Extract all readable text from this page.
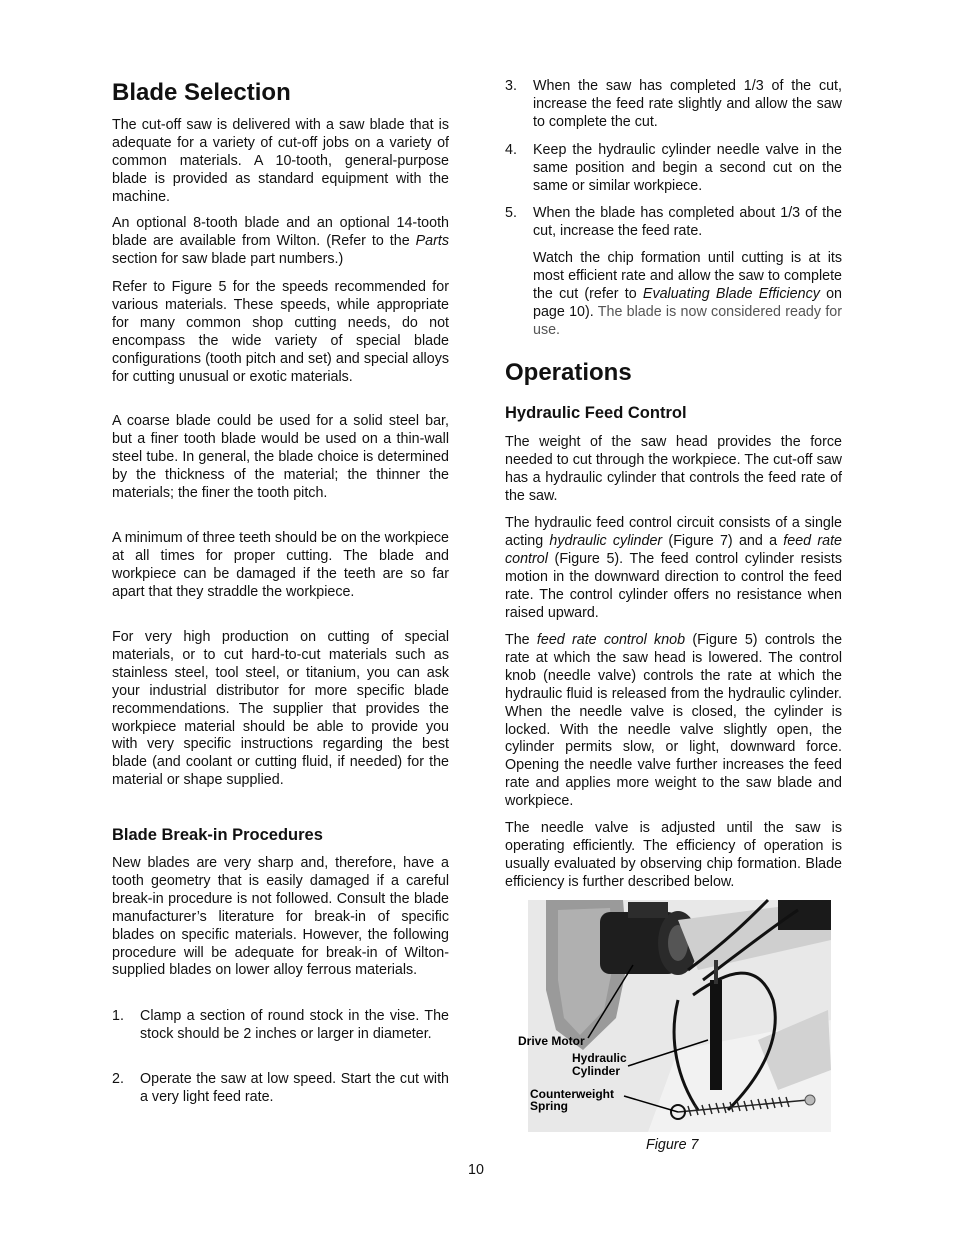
Blade Selection

The cut-off saw is delivered with a saw blade that is adequate for a variety of cut-off jobs on a variety of common materials. A 10-tooth, general-purpose blade is provided as standard equipment with the machine.

An optional 8-tooth blade and an optional 14-tooth blade are available from Wilton. (Refer to the Parts section for saw blade part numbers.)

Refer to Figure 5 for the speeds recommended for various materials. These speeds, while appropriate for many common shop cutting needs, do not encompass the wide variety of special blade configurations (tooth pitch and set) and special alloys for cutting unusual or exotic materials.

A coarse blade could be used for a solid steel bar, but a finer tooth blade would be used on a thin-wall steel tube. In general, the blade choice is determined by the thickness of the material; the thinner the materials; the finer the tooth pitch.

A minimum of three teeth should be on the workpiece at all times for proper cutting. The blade and workpiece can be damaged if the teeth are so far apart that they straddle the workpiece.

For very high production on cutting of special materials, or to cut hard-to-cut materials such as stainless steel, tool steel, or titanium, you can ask your industrial distributor for more specific blade recommendations. The supplier that provides the workpiece material should be able to provide you with very specific instructions regarding the best blade (and coolant or cutting fluid, if needed) for the material or shape supplied.

Blade Break-in Procedures

New blades are very sharp and, therefore, have a tooth geometry that is easily damaged if a careful break-in procedure is not followed. Consult the blade manufacturer’s literature for break-in of specific blades on specific materials. However, the following procedure will be adequate for break-in of Wilton-supplied blades on lower alloy ferrous materials.

1. Clamp a section of round stock in the vise. The stock should be 2 inches or larger in diameter.
2. Operate the saw at low speed. Start the cut with a very light feed rate.
3. When the saw has completed 1/3 of the cut, increase the feed rate slightly and allow the saw to complete the cut.
4. Keep the hydraulic cylinder needle valve in the same position and begin a second cut on the same or similar workpiece.
5. When the blade has completed about 1/3 of the cut, increase the feed rate.
Watch the chip formation until cutting is at its most efficient rate and allow the saw to complete the cut (refer to Evaluating Blade Efficiency on page 10). The blade is now considered ready for use.
Operations
Hydraulic Feed Control

The weight of the saw head provides the force needed to cut through the workpiece. The cut-off saw has a hydraulic cylinder that controls the feed rate of the saw.

The hydraulic feed control circuit consists of a single acting hydraulic cylinder (Figure 7) and a feed rate control (Figure 5). The feed control cylinder resists motion in the downward direction to control the feed rate. The control cylinder offers no resistance when raised upward.

The feed rate control knob (Figure 5) controls the rate at which the saw head is lowered. The control knob (needle valve) controls the rate at which the hydraulic fluid is released from the hydraulic cylinder. When the needle valve is closed, the cylinder is locked. With the needle valve slightly open, the cylinder permits slow, or light, downward force. Opening the needle valve further increases the feed rate and applies more weight to the saw blade and workpiece.

The needle valve is adjusted until the saw is operating efficiently. The efficiency of operation is usually evaluated by observing chip formation. Blade efficiency is further described below.

Drive Motor
Hydraulic
Cylinder
Counterweight
Spring
Figure 7
10
